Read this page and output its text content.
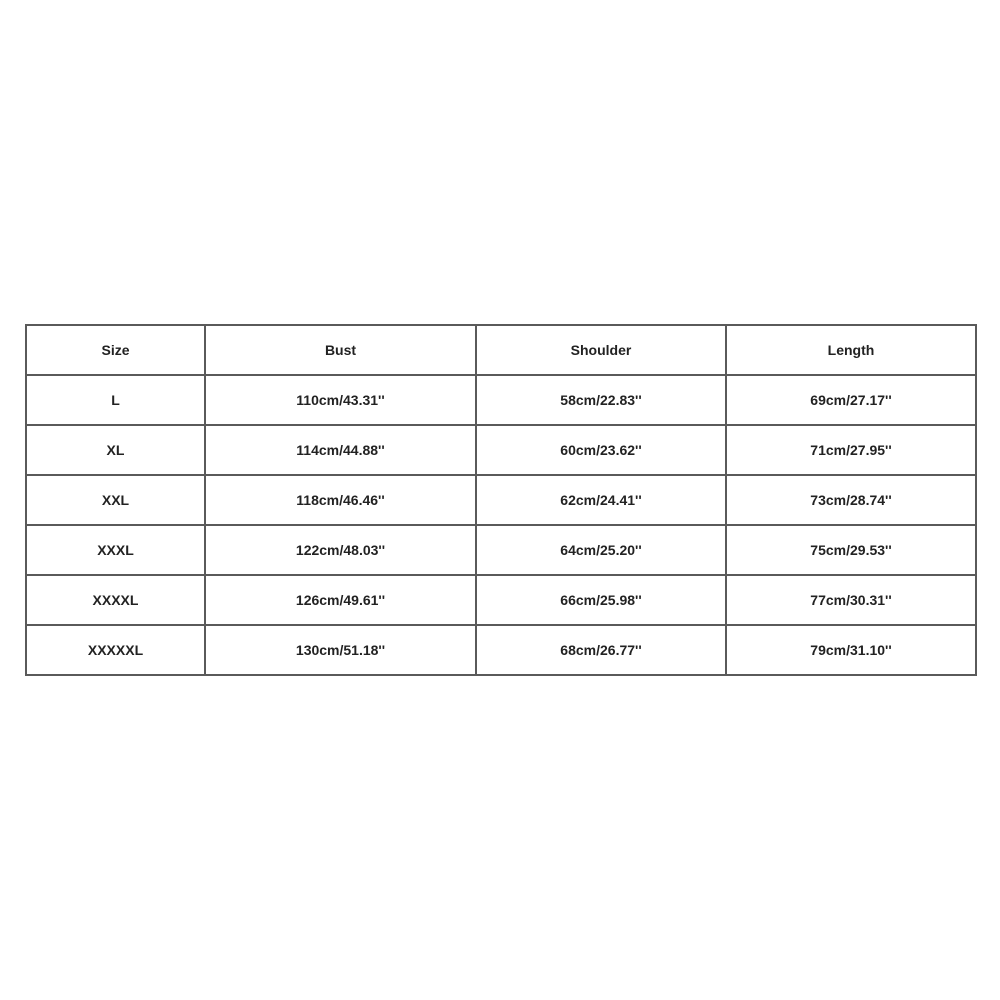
Size	Bust	Shoulder	Length
L	110cm/43.31''	58cm/22.83''	69cm/27.17''
XL	114cm/44.88''	60cm/23.62''	71cm/27.95''
XXL	118cm/46.46''	62cm/24.41''	73cm/28.74''
XXXL	122cm/48.03''	64cm/25.20''	75cm/29.53''
XXXXL	126cm/49.61''	66cm/25.98''	77cm/30.31''
XXXXXL	130cm/51.18''	68cm/26.77''	79cm/31.10''
